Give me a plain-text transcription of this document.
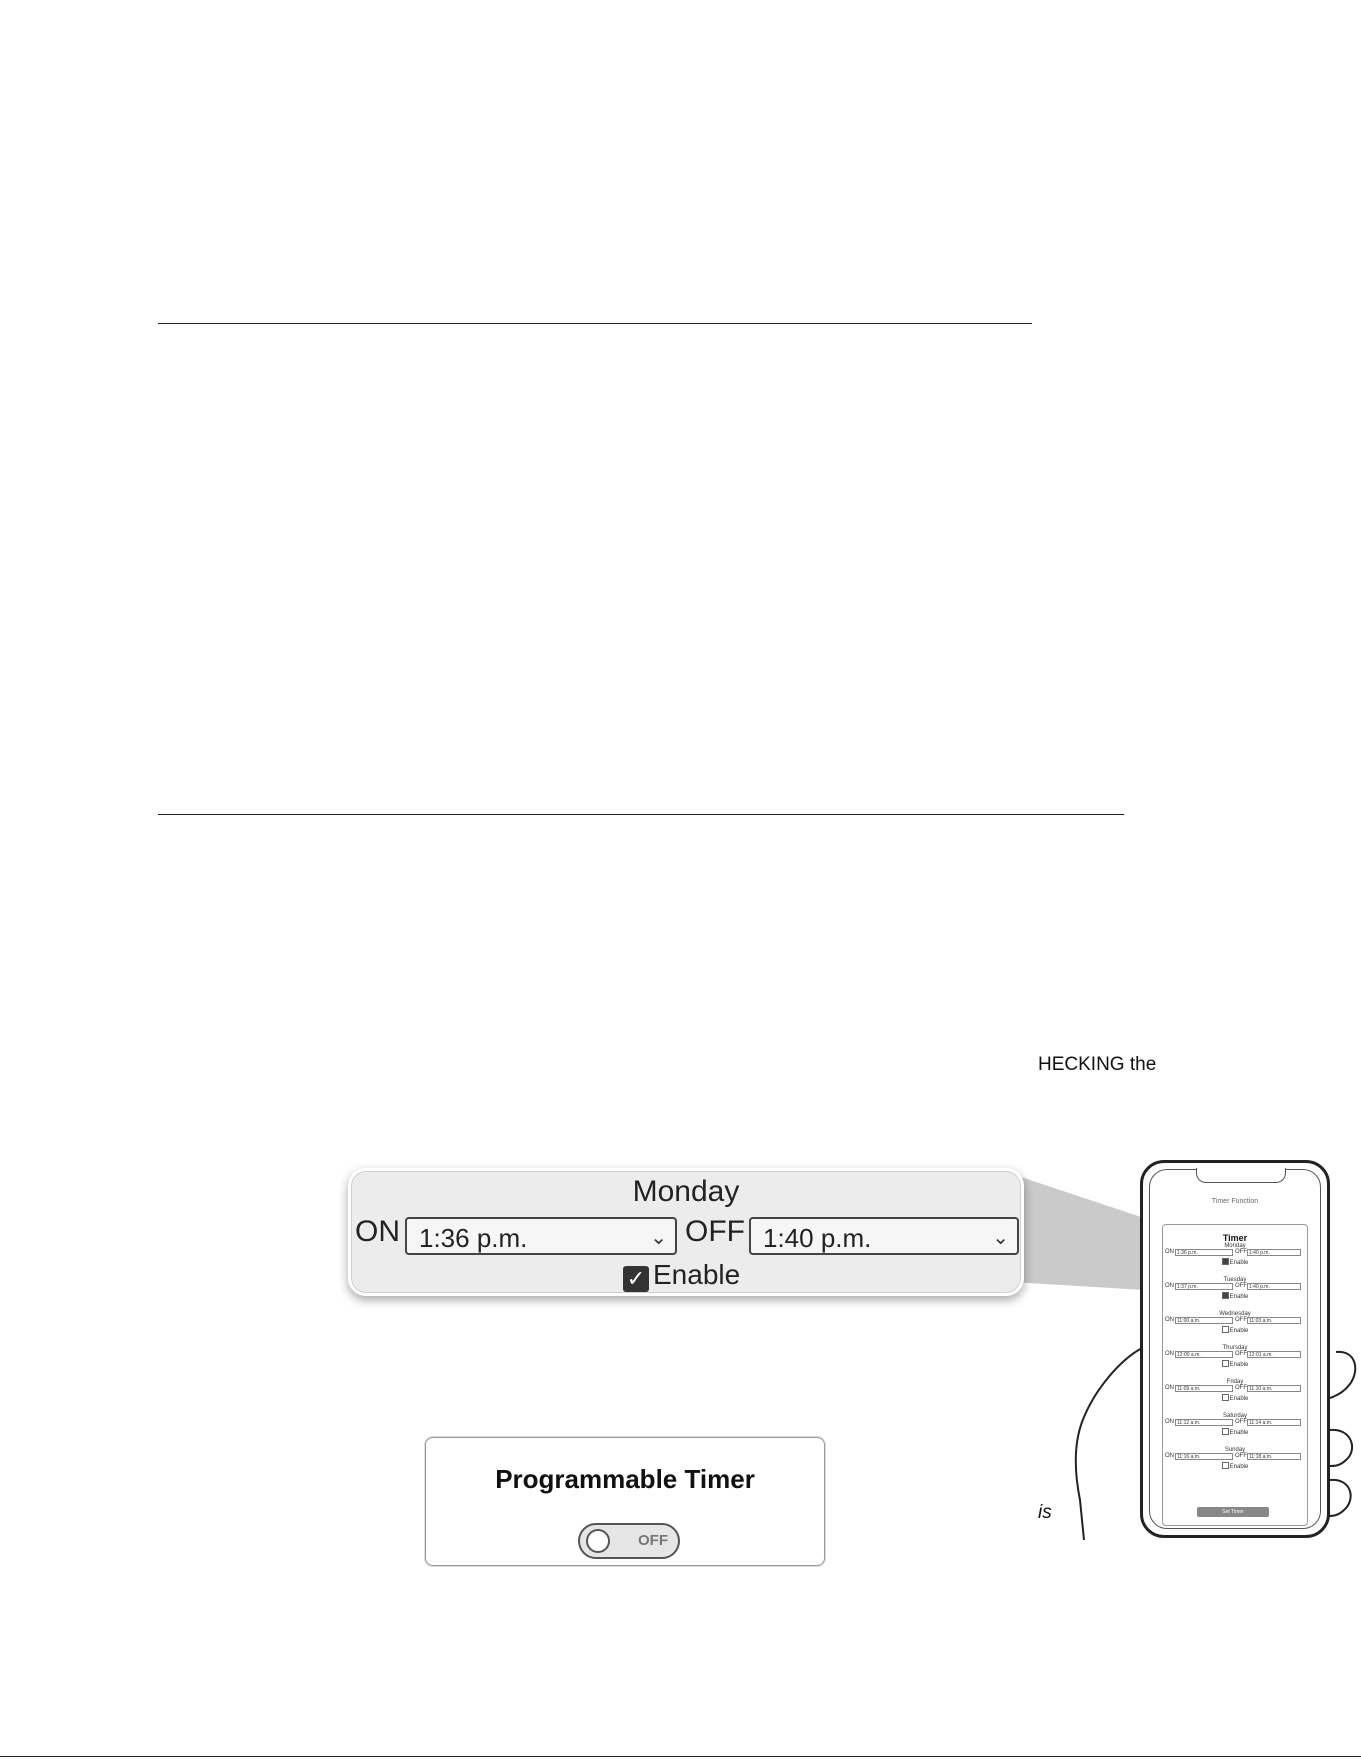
HECKING the
is
Monday
ON 1:36 p.m.	⌄ OFF 1:40 p.m.	⌄
✓ Enable
Programmable Timer
OFF
Timer Function
Timer
Monday
ON 1:36 p.m.	OFF 1:40 p.m.
Enable
Tuesday
ON 1:37 p.m.	OFF 1:40 p.m.
Enable
Wednesday
ON 11:00 a.m.	OFF 11:03 a.m.
Enable
Thursday
ON 12:00 a.m.	OFF 12:01 a.m.
Enable
Friday
ON 11:09 a.m.	OFF 11:10 a.m.
Enable
Saturday
ON 11:12 a.m.	OFF 11:14 a.m.
Enable
Sunday
ON 11:16 a.m.	OFF 11:18 a.m.
Enable
Set Timer
